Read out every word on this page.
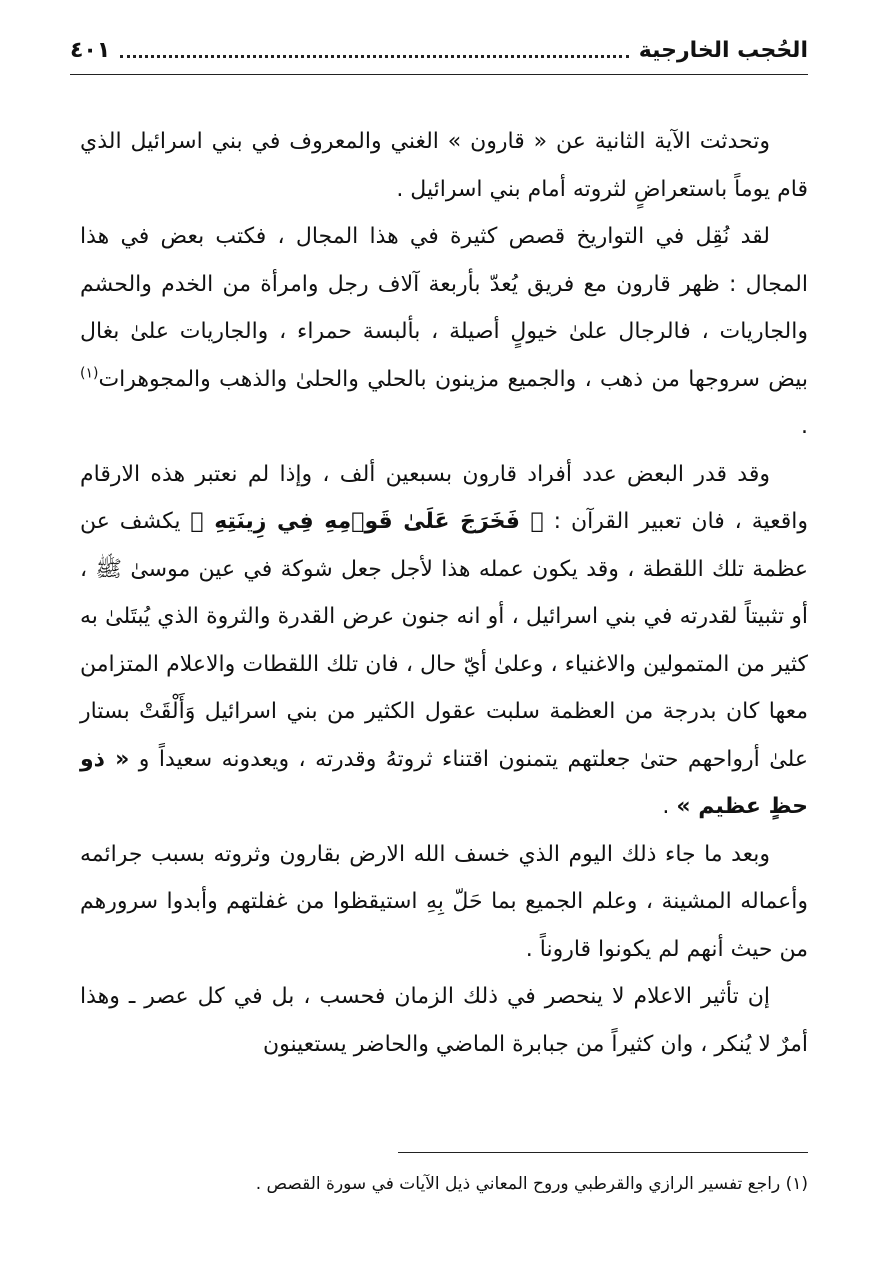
الحُجب الخارجية
٤٠١

وتحدثت الآية الثانية عن « قارون » الغني والمعروف في بني اسرائيل الذي قام يوماً باستعراضٍ لثروته أمام بني اسرائيل .

لقد نُقِل في التواريخ قصص كثيرة في هذا المجال ، فكتب بعض في هذا المجال : ظهر قارون مع فريق يُعدّ بأربعة آلاف رجل وامرأة من الخدم والحشم والجاريات ، فالرجال علىٰ خيولٍ أصيلة ، بألبسة حمراء ، والجاريات علىٰ بغال بيض سروجها من ذهب ، والجميع مزينون بالحلي والحلىٰ والذهب والمجوهرات$^{(١)}$ .

وقد قدر البعض عدد أفراد قارون بسبعين ألف ، وإذا لم نعتبر هذه الارقام واقعية ، فان تعبير القرآن : ﴿ فَخَرَجَ عَلَىٰ قَوۡمِهِ فِي زِينَتِهِ ﴾ يكشف عن عظمة تلك اللقطة ، وقد يكون عمله هذا لأجل جعل شوكة في عين موسىٰ ﷺ ، أو تثبيتاً لقدرته في بني اسرائيل ، أو انه جنون عرض القدرة والثروة الذي يُبتَلىٰ به كثير من المتمولين والاغنياء ، وعلىٰ أيّ حال ، فان تلك اللقطات والاعلام المتزامن معها كان بدرجة من العظمة سلبت عقول الكثير من بني اسرائيل وَأَلْقَتْ بستار علىٰ أرواحهم حتىٰ جعلتهم يتمنون اقتناء ثروتهُ وقدرته ، ويعدونه سعيداً و « ذو حظٍ عظيم » .

وبعد ما جاء ذلك اليوم الذي خسف الله الارض بقارون وثروته بسبب جرائمه وأعماله المشينة ، وعلم الجميع بما حَلّ بِهِ استيقظوا من غفلتهم وأبدوا سرورهم من حيث أنهم لم يكونوا قاروناً .

إن تأثير الاعلام لا ينحصر في ذلك الزمان فحسب ، بل في كل عصر ـ وهذا أمرٌ لا يُنكر ، وان كثيراً من جبابرة الماضي والحاضر يستعينون

(١) راجع تفسير الرازي والقرطبي وروح المعاني ذيل الآيات في سورة القصص .
